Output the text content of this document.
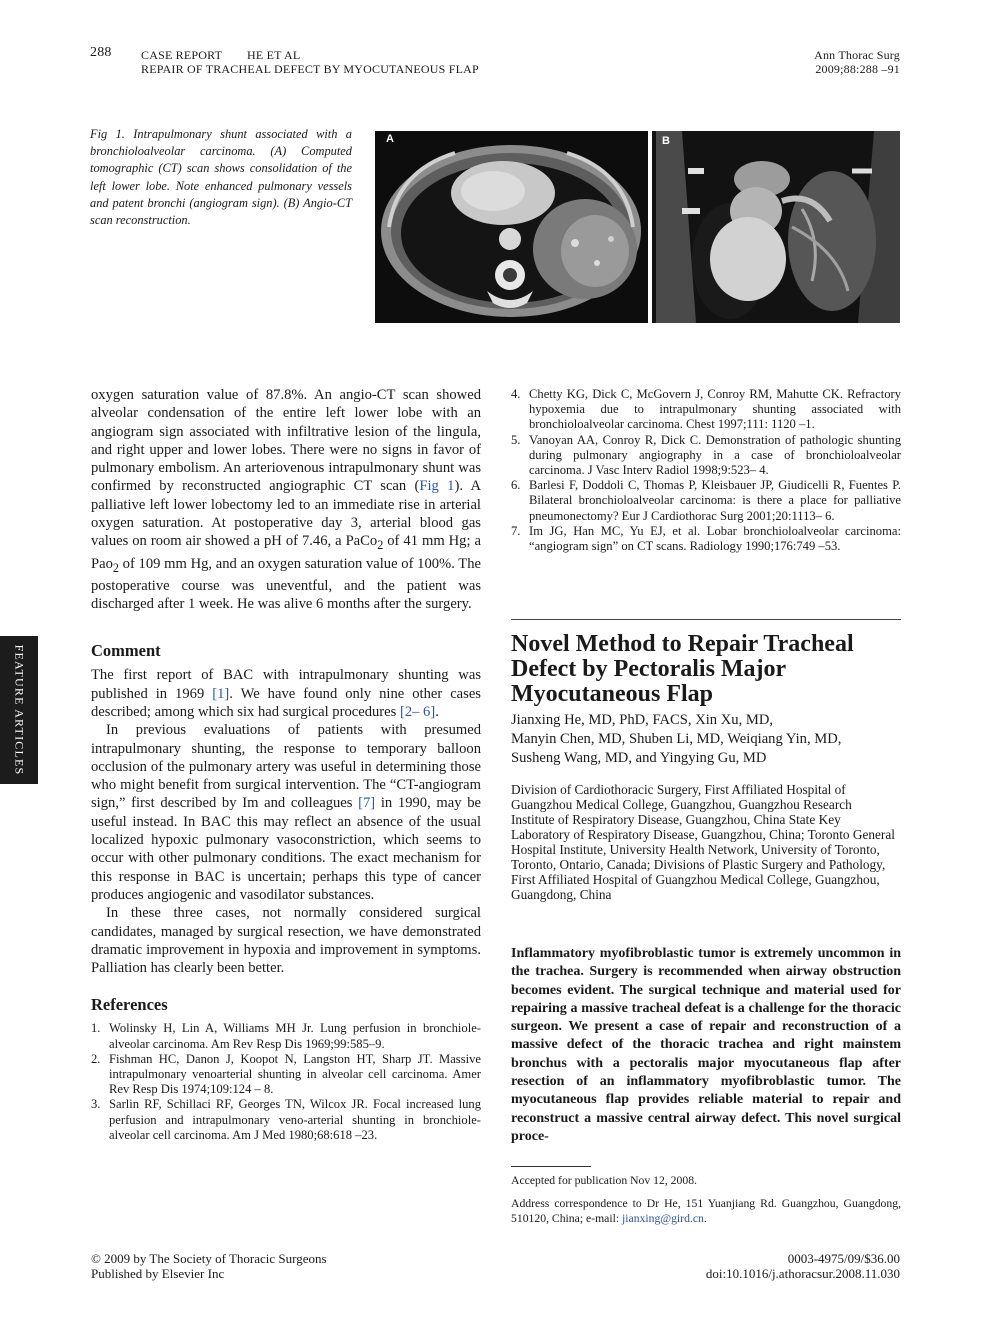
288 CASE REPORT HE ET AL
REPAIR OF TRACHEAL DEFECT BY MYOCUTANEOUS FLAP
Ann Thorac Surg
2009;88:288 –91
Fig 1. Intrapulmonary shunt associated with a bronchioloalveolar carcinoma. (A) Computed tomographic (CT) scan shows consolidation of the left lower lobe. Note enhanced pulmonary vessels and patent bronchi (angiogram sign). (B) Angio-CT scan reconstruction.
A	B
FEATURE ARTICLES

oxygen saturation value of 87.8%. An angio-CT scan showed alveolar condensation of the entire left lower lobe with an angiogram sign associated with infiltrative lesion of the lingula, and right upper and lower lobes. There were no signs in favor of pulmonary embolism. An arteriovenous intrapulmonary shunt was confirmed by reconstructed angiographic CT scan (Fig 1). A palliative left lower lobectomy led to an immediate rise in arterial oxygen saturation. At postoperative day 3, arterial blood gas values on room air showed a pH of 7.46, a PaCo$_2$ of 41 mm Hg; a Pao$_2$ of 109 mm Hg, and an oxygen saturation value of 100%. The postoperative course was uneventful, and the patient was discharged after 1 week. He was alive 6 months after the surgery.

Comment

The first report of BAC with intrapulmonary shunting was published in 1969 [1]. We have found only nine other cases described; among which six had surgical procedures [2– 6].

In previous evaluations of patients with presumed intrapulmonary shunting, the response to temporary balloon occlusion of the pulmonary artery was useful in determining those who might benefit from surgical intervention. The “CT-angiogram sign,” first described by Im and colleagues [7] in 1990, may be useful instead. In BAC this may reflect an absence of the usual localized hypoxic pulmonary vasoconstriction, which seems to occur with other pulmonary conditions. The exact mechanism for this response in BAC is uncertain; perhaps this type of cancer produces angiogenic and vasodilator substances.

In these three cases, not normally considered surgical candidates, managed by surgical resection, we have demonstrated dramatic improvement in hypoxia and improvement in symptoms. Palliation has clearly been better.

References
1. Wolinsky H, Lin A, Williams MH Jr. Lung perfusion in bronchiole-alveolar carcinoma. Am Rev Resp Dis 1969;99:585–9.
2. Fishman HC, Danon J, Koopot N, Langston HT, Sharp JT. Massive intrapulmonary venoarterial shunting in alveolar cell carcinoma. Amer Rev Resp Dis 1974;109:124 – 8.
3. Sarlin RF, Schillaci RF, Georges TN, Wilcox JR. Focal increased lung perfusion and intrapulmonary veno-arterial shunting in bronchiole-alveolar cell carcinoma. Am J Med 1980;68:618 –23.
4. Chetty KG, Dick C, McGovern J, Conroy RM, Mahutte CK. Refractory hypoxemia due to intrapulmonary shunting associated with bronchioloalveolar carcinoma. Chest 1997;111: 1120 –1.
5. Vanoyan AA, Conroy R, Dick C. Demonstration of pathologic shunting during pulmonary angiography in a case of bronchioloalveolar carcinoma. J Vasc Interv Radiol 1998;9:523– 4.
6. Barlesi F, Doddoli C, Thomas P, Kleisbauer JP, Giudicelli R, Fuentes P. Bilateral bronchioloalveolar carcinoma: is there a place for palliative pneumonectomy? Eur J Cardiothorac Surg 2001;20:1113– 6.
7. Im JG, Han MC, Yu EJ, et al. Lobar bronchioloalveolar carcinoma: “angiogram sign” on CT scans. Radiology 1990;176:749 –53.
Novel Method to Repair Tracheal Defect by Pectoralis Major Myocutaneous Flap
Jianxing He, MD, PhD, FACS, Xin Xu, MD,
Manyin Chen, MD, Shuben Li, MD, Weiqiang Yin, MD,
Susheng Wang, MD, and Yingying Gu, MD
Division of Cardiothoracic Surgery, First Affiliated Hospital of Guangzhou Medical College, Guangzhou, Guangzhou Research Institute of Respiratory Disease, Guangzhou, China State Key Laboratory of Respiratory Disease, Guangzhou, China; Toronto General Hospital Institute, University Health Network, University of Toronto, Toronto, Ontario, Canada; Divisions of Plastic Surgery and Pathology, First Affiliated Hospital of Guangzhou Medical College, Guangzhou, Guangdong, China
Inflammatory myofibroblastic tumor is extremely uncommon in the trachea. Surgery is recommended when airway obstruction becomes evident. The surgical technique and material used for repairing a massive tracheal defeat is a challenge for the thoracic surgeon. We present a case of repair and reconstruction of a massive defect of the thoracic trachea and right mainstem bronchus with a pectoralis major myocutaneous flap after resection of an inflammatory myofibroblastic tumor. The myocutaneous flap provides reliable material to repair and reconstruct a massive central airway defect. This novel surgical proce-
Accepted for publication Nov 12, 2008.
Address correspondence to Dr He, 151 Yuanjiang Rd. Guangzhou, Guangdong, 510120, China; e-mail: jianxing@gird.cn.
© 2009 by The Society of Thoracic Surgeons
Published by Elsevier Inc
0003-4975/09/$36.00
doi:10.1016/j.athoracsur.2008.11.030
